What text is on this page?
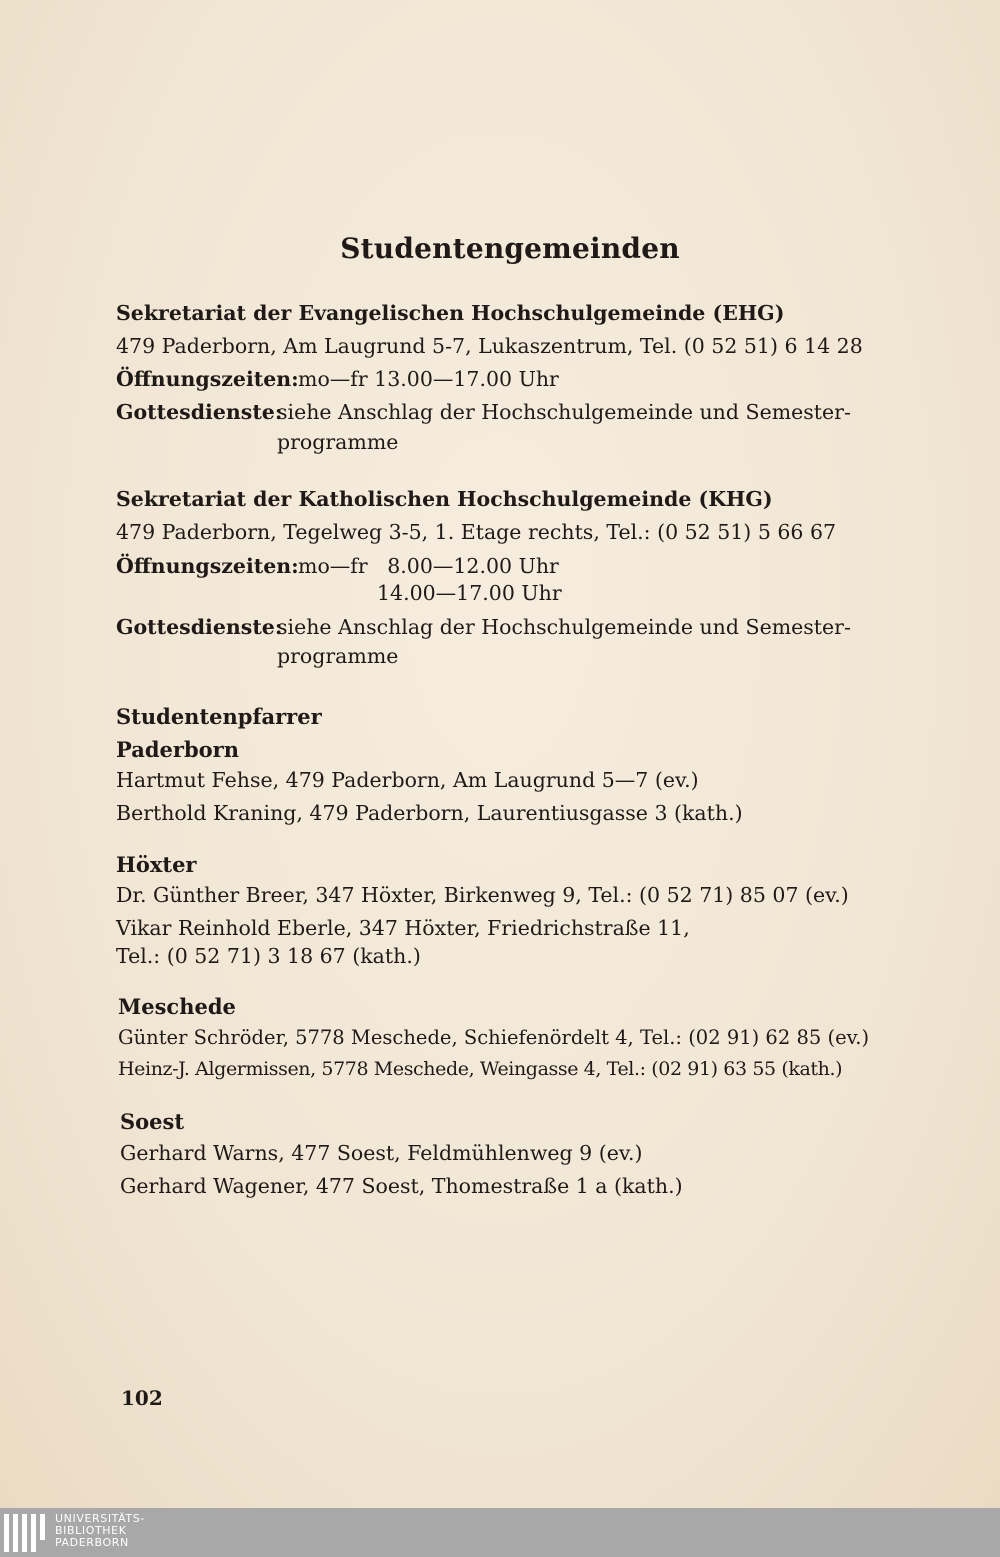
Studentengemeinden
Sekretariat der Evangelischen Hochschulgemeinde (EHG)
479 Paderborn, Am Laugrund 5-7, Lukaszentrum, Tel. (0 52 51) 6 14 28
Öffnungszeiten: mo—fr 13.00—17.00 Uhr
Gottesdienste:
siehe Anschlag der Hochschulgemeinde und Semester-
programme
Sekretariat der Katholischen Hochschulgemeinde (KHG)
479 Paderborn, Tegelweg 3-5, 1. Etage rechts, Tel.: (0 52 51) 5 66 67
Öffnungszeiten: mo—fr   8.00—12.00 Uhr
14.00—17.00 Uhr
Gottesdienste:
siehe Anschlag der Hochschulgemeinde und Semester-
programme
Studentenpfarrer
Paderborn
Hartmut Fehse, 479 Paderborn, Am Laugrund 5—7 (ev.)
Berthold Kraning, 479 Paderborn, Laurentiusgasse 3 (kath.)
Höxter
Dr. Günther Breer, 347 Höxter, Birkenweg 9, Tel.: (0 52 71) 85 07 (ev.)
Vikar Reinhold Eberle, 347 Höxter, Friedrichstraße 11,
Tel.: (0 52 71) 3 18 67 (kath.)
Meschede
Günter Schröder, 5778 Meschede, Schiefenördelt 4, Tel.: (02 91) 62 85 (ev.)
Heinz-J. Algermissen, 5778 Meschede, Weingasse 4, Tel.: (02 91) 63 55 (kath.)
Soest
Gerhard Warns, 477 Soest, Feldmühlenweg 9 (ev.)
Gerhard Wagener, 477 Soest, Thomestraße 1 a (kath.)
102
UNIVERSITÄTS-
BIBLIOTHEK
PADERBORN
